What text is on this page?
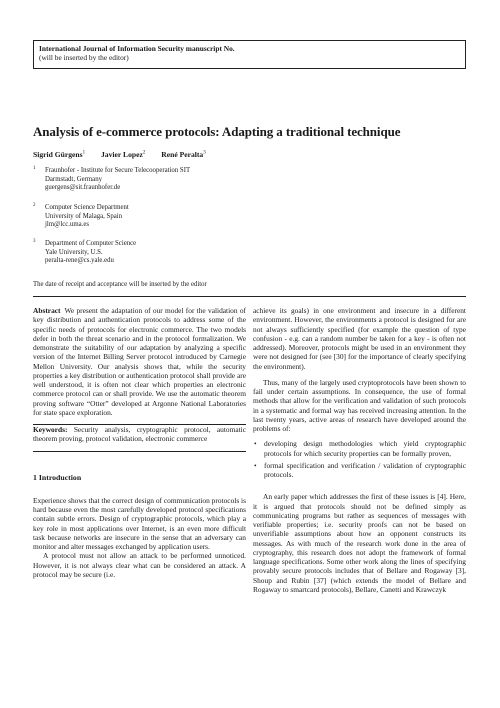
International Journal of Information Security manuscript No.
(will be inserted by the editor)
Analysis of e-commerce protocols: Adapting a traditional technique
Sigrid Gürgens$^1$ Javier Lopez$^2$ René Peralta$^3$
1 Fraunhofer - Institute for Secure Telecooperation SIT
Darmstadt, Germany
guergens@sit.fraunhofer.de
2 Computer Science Department
University of Malaga, Spain
jlm@lcc.uma.es
3 Department of Computer Science
Yale University, U.S.
peralta-rene@cs.yale.edu
The date of receipt and acceptance will be inserted by the editor

Abstract We present the adaptation of our model for the validation of key distribution and authentication protocols to address some of the specific needs of protocols for electronic commerce. The two models defer in both the threat scenario and in the protocol formalization. We demonstrate the suitability of our adaptation by analyzing a specific version of the Internet Billing Server protocol introduced by Carnegie Mellon University. Our analysis shows that, while the security properties a key distribution or authentication protocol shall provide are well understood, it is often not clear which properties an electronic commerce protocol can or shall provide. We use the automatic theorem proving software “Otter” developed at Argonne National Laboratories for state space exploration.

Keywords: Security analysis, cryptographic protocol, automatic theorem proving, protocol validation, electronic commerce

1 Introduction

Experience shows that the correct design of communication protocols is hard because even the most carefully developed protocol specifications contain subtle errors. Design of cryptographic protocols, which play a key role in most applications over Internet, is an even more difficult task because networks are insecure in the sense that an adversary can monitor and alter messages exchanged by application users.

A protocol must not allow an attack to be performed unnoticed. However, it is not always clear what can be considered an attack. A protocol may be secure (i.e.

achieve its goals) in one environment and insecure in a different environment. However, the environments a protocol is designed for are not always sufficiently specified (for example the question of type confusion - e.g. can a random number be taken for a key - is often not addressed). Moreover, protocols might be used in an environment they were not designed for (see [30] for the importance of clearly specifying the environment).

Thus, many of the largely used cryptoprotocols have been shown to fail under certain assumptions. In consequence, the use of formal methods that allow for the verification and validation of such protocols in a systematic and formal way has received increasing attention. In the last twenty years, active areas of research have developed around the problems of:

• developing design methodologies which yield cryptographic protocols for which security properties can be formally proven,
• formal specification and verification / validation of cryptographic protocols.

An early paper which addresses the first of these issues is [4]. Here, it is argued that protocols should not be defined simply as communicating programs but rather as sequences of messages with verifiable properties; i.e. security proofs can not be based on unverifiable assumptions about how an opponent constructs its messages. As with much of the research work done in the area of cryptography, this research does not adopt the framework of formal language specifications. Some other work along the lines of specifying provably secure protocols includes that of Bellare and Rogaway [3], Shoup and Rubin [37] (which extends the model of Bellare and Rogaway to smartcard protocols), Bellare, Canetti and Krawczyk
